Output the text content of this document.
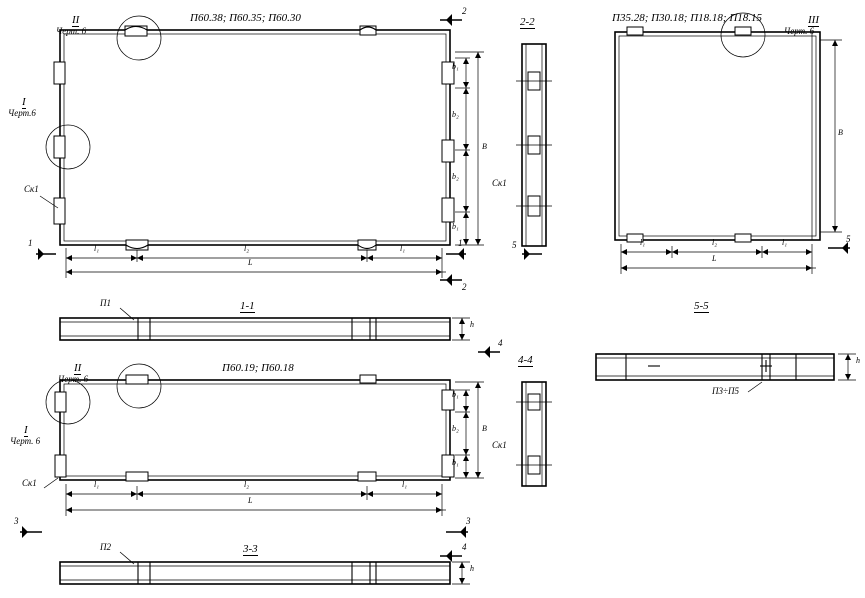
П60.38; П60.35; П60.30	П35.28; П30.18; П18.18; П18.15
П60.19; П60.18
II
Черт. 6
I
Черт.6
III
Черт. 6
II
Черт. 6
I
Черт. 6
Ск1
Ск1
Ск1
Ск1
П1
П2
П3÷П5
1-1
2-2
3-3
4-4
5-5
1	1
2
2
3	3
4
4
5
5
b₁
b₂
B
b₂
b₁
l₁	l₂	l₁
L
B
l₁	l₂	l₁
L
b₁
b₂	B
b₁
l₁	l₂	l₁
L
h
h
h
